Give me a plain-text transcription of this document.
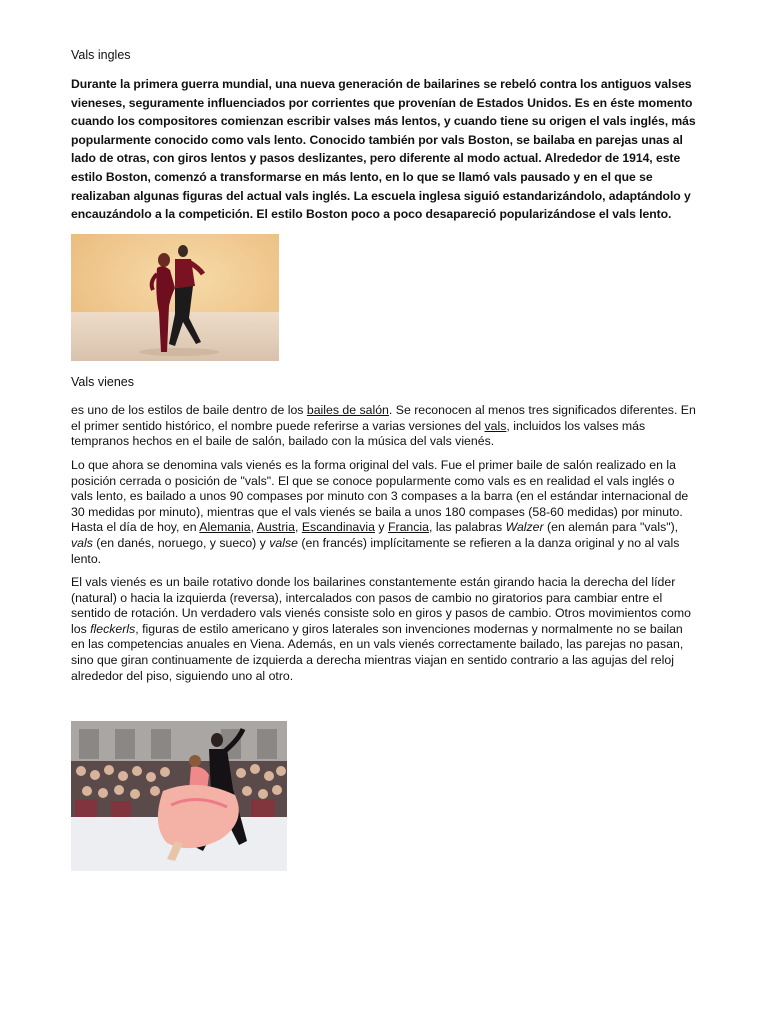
Vals ingles

Durante la primera guerra mundial, una nueva generación de bailarines se rebeló contra los antiguos valses vieneses, seguramente influenciados por corrientes que provenían de Estados Unidos. Es en éste momento cuando los compositores comienzan escribir valses más lentos, y cuando tiene su origen el vals inglés, más popularmente conocido como vals lento. Conocido también por vals Boston, se bailaba en parejas unas al lado de otras, con giros lentos y pasos deslizantes, pero diferente al modo actual. Alrededor de 1914, este estilo Boston, comenzó a transformarse en más lento, en lo que se llamó vals pausado y en el que se realizaban algunas figuras del actual vals inglés. La escuela inglesa siguió estandarizándolo, adaptándolo y encauzándolo a la competición. El estilo Boston poco a poco desapareció popularizándose el vals lento.

Vals vienes

es uno de los estilos de baile dentro de los bailes de salón. Se reconocen al menos tres significados diferentes. En el primer sentido histórico, el nombre puede referirse a varias versiones del vals, incluidos los valses más tempranos hechos en el baile de salón, bailado con la música del vals vienés.

Lo que ahora se denomina vals vienés es la forma original del vals. Fue el primer baile de salón realizado en la posición cerrada o posición de "vals". El que se conoce popularmente como vals es en realidad el vals inglés o vals lento, es bailado a unos 90 compases por minuto con 3 compases a la barra (en el estándar internacional de 30 medidas por minuto), mientras que el vals vienés se baila a unos 180 compases (58-60 medidas) por minuto. Hasta el día de hoy, en Alemania, Austria, Escandinavia y Francia, las palabras Walzer (en alemán para "vals"), vals (en danés, noruego, y sueco) y valse (en francés) implícitamente se refieren a la danza original y no al vals lento.

El vals vienés es un baile rotativo donde los bailarines constantemente están girando hacia la derecha del líder (natural) o hacia la izquierda (reversa), intercalados con pasos de cambio no giratorios para cambiar entre el sentido de rotación. Un verdadero vals vienés consiste solo en giros y pasos de cambio. Otros movimientos como los fleckerls, figuras de estilo americano y giros laterales son invenciones modernas y normalmente no se bailan en las competencias anuales en Viena. Además, en un vals vienés correctamente bailado, las parejas no pasan, sino que giran continuamente de izquierda a derecha mientras viajan en sentido contrario a las agujas del reloj alrededor del piso, siguiendo uno al otro.
